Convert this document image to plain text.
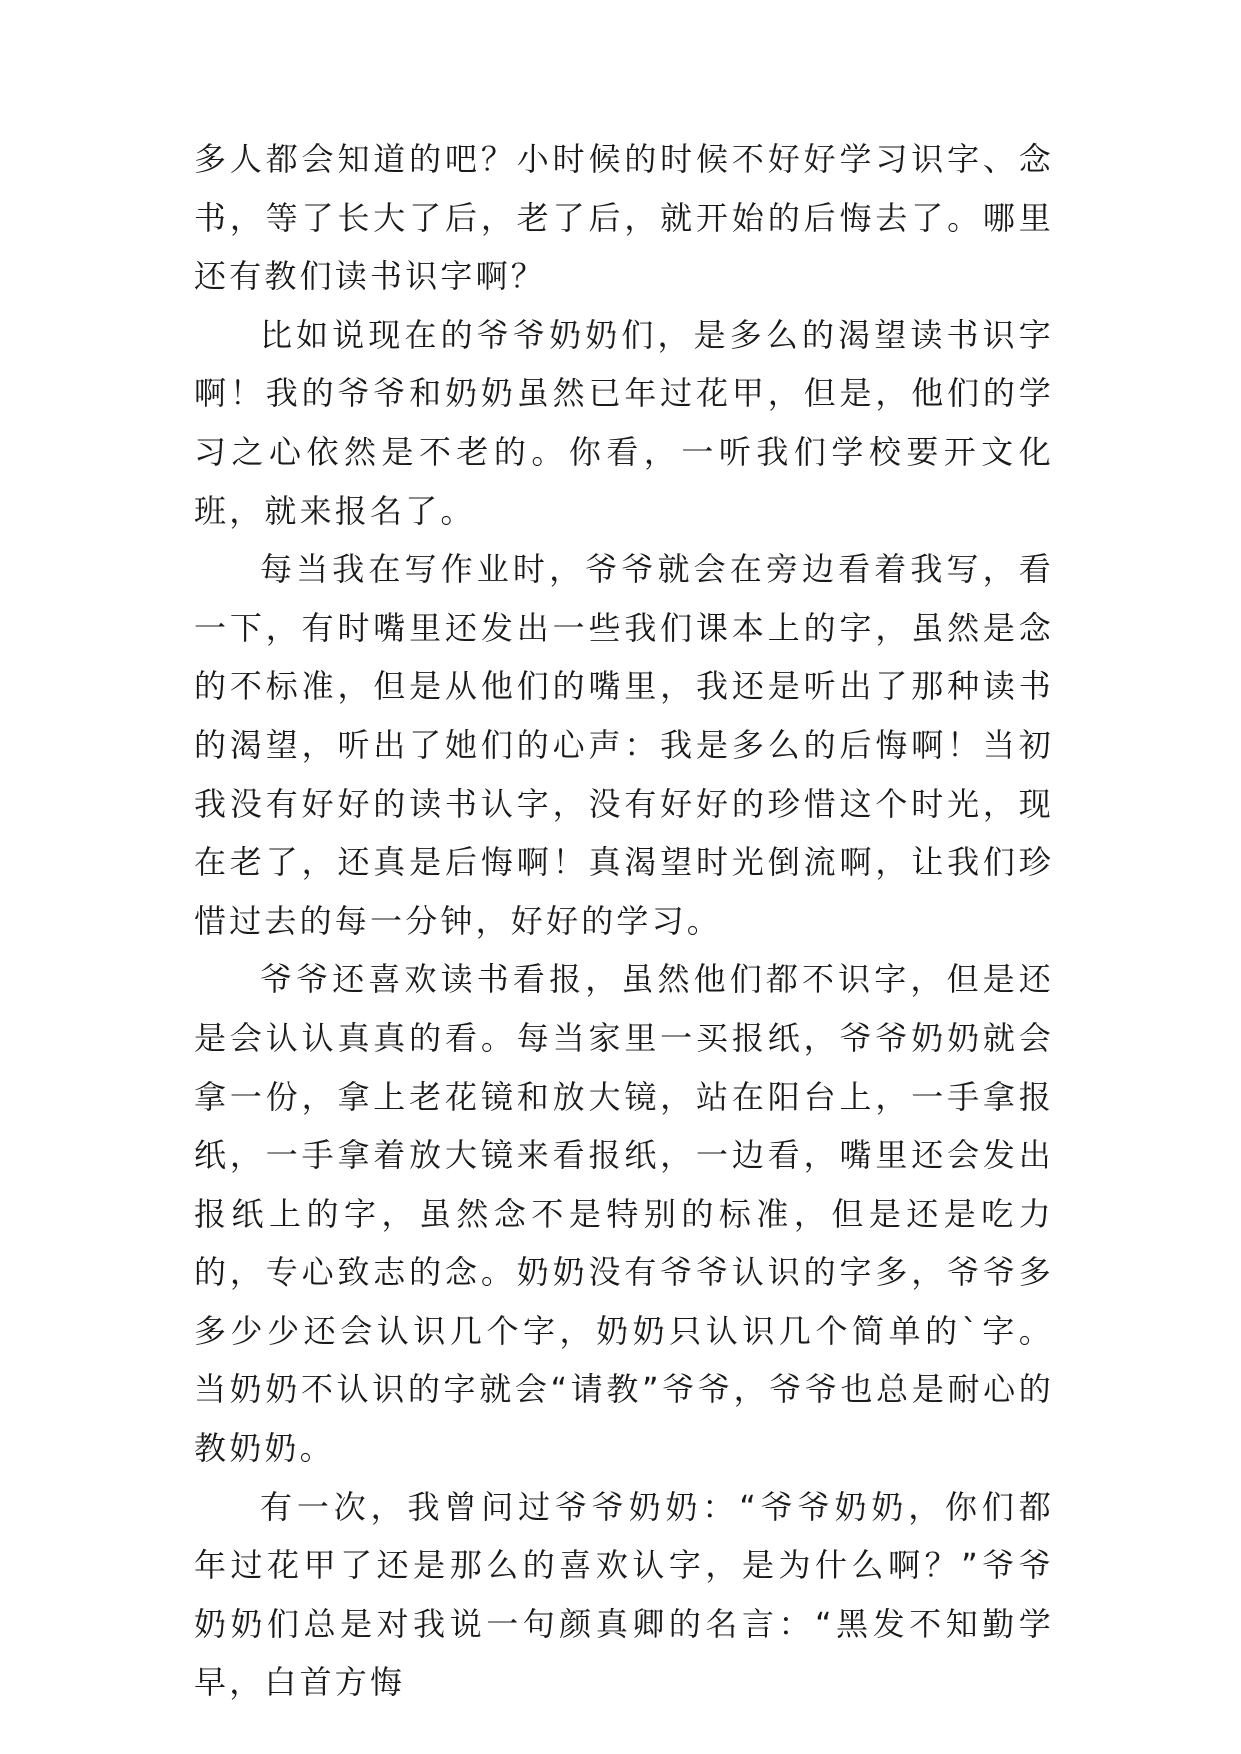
多人都会知道的吧？小时候的时候不好好学习识字、念书，等了长大了后，老了后，就开始的后悔去了。哪里还有教们读书识字啊？

比如说现在的爷爷奶奶们，是多么的渴望读书识字啊！我的爷爷和奶奶虽然已年过花甲，但是，他们的学习之心依然是不老的。你看，一听我们学校要开文化班，就来报名了。

每当我在写作业时，爷爷就会在旁边看着我写，看一下，有时嘴里还发出一些我们课本上的字，虽然是念的不标准，但是从他们的嘴里，我还是听出了那种读书的渴望，听出了她们的心声：我是多么的后悔啊！当初我没有好好的读书认字，没有好好的珍惜这个时光，现在老了，还真是后悔啊！真渴望时光倒流啊，让我们珍惜过去的每一分钟，好好的学习。

爷爷还喜欢读书看报，虽然他们都不识字，但是还是会认认真真的看。每当家里一买报纸，爷爷奶奶就会拿一份，拿上老花镜和放大镜，站在阳台上，一手拿报纸，一手拿着放大镜来看报纸，一边看，嘴里还会发出报纸上的字，虽然念不是特别的标准，但是还是吃力的，专心致志的念。奶奶没有爷爷认识的字多，爷爷多多少少还会认识几个字，奶奶只认识几个简单的`字。当奶奶不认识的字就会“请教”爷爷，爷爷也总是耐心的教奶奶。

有一次，我曾问过爷爷奶奶：“爷爷奶奶，你们都年过花甲了还是那么的喜欢认字，是为什么啊？”爷爷奶奶们总是对我说一句颜真卿的名言：“黑发不知勤学早，白首方悔
